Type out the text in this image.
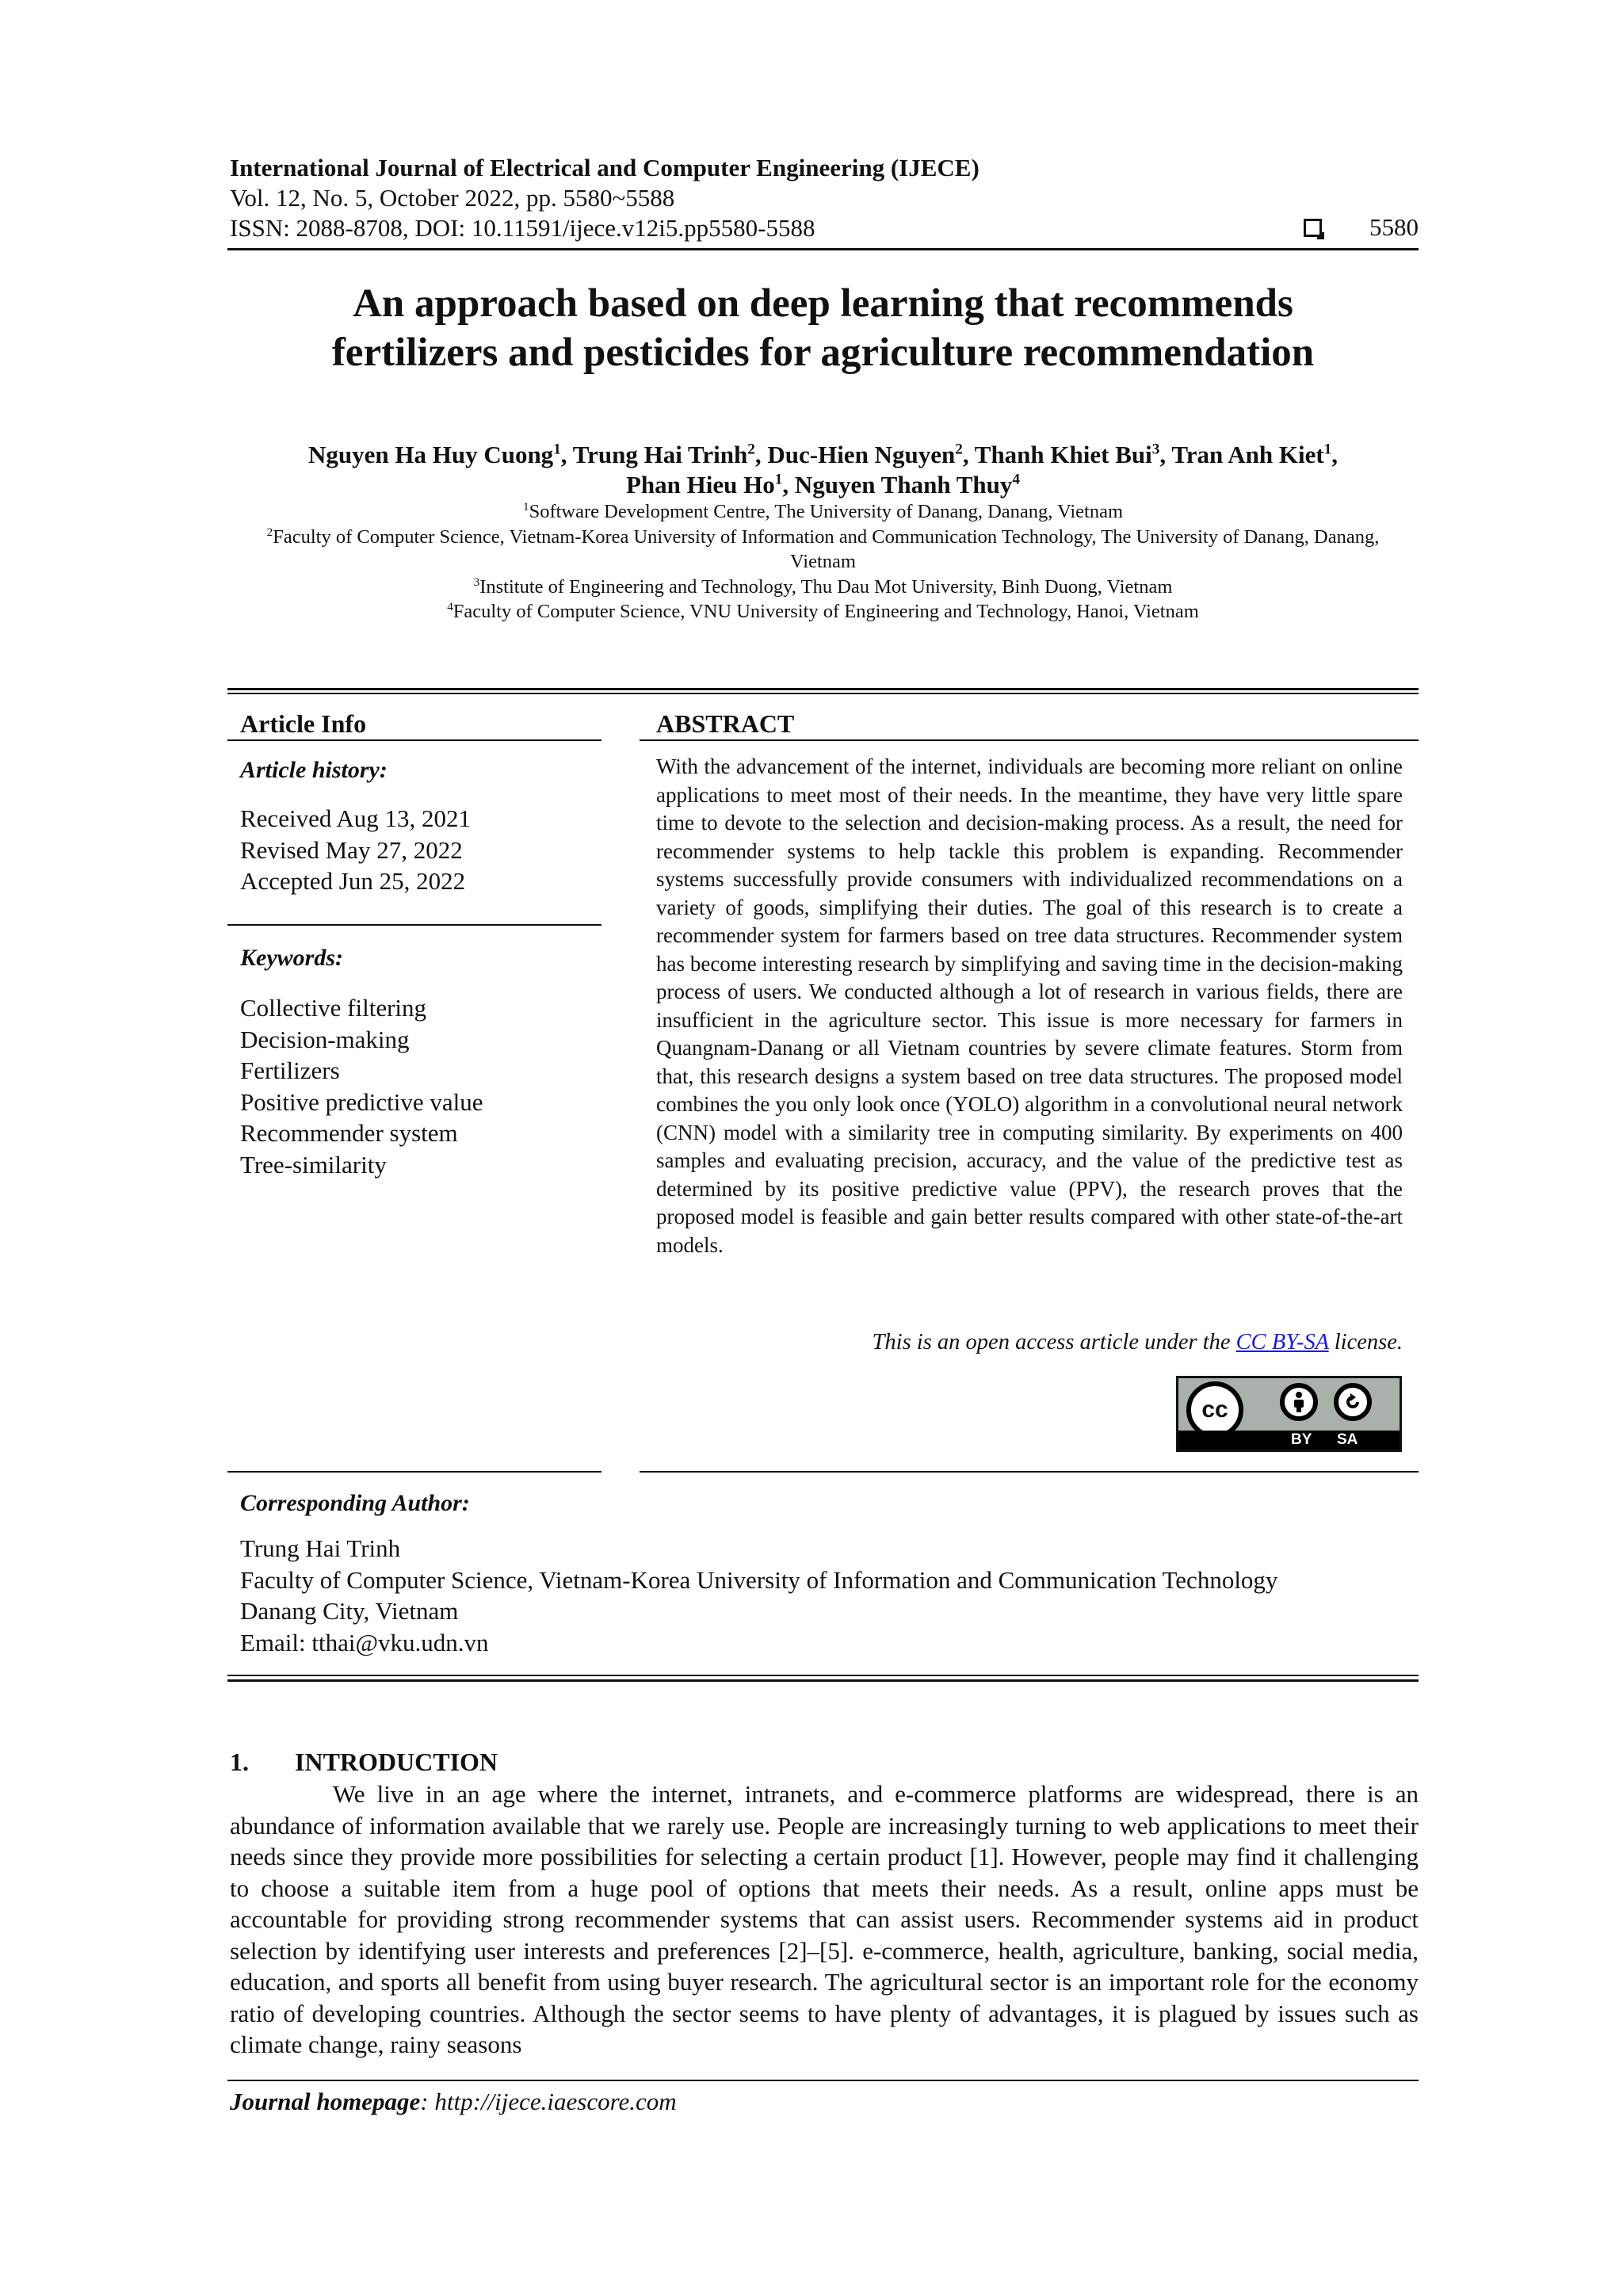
International Journal of Electrical and Computer Engineering (IJECE)
Vol. 12, No. 5, October 2022, pp. 5580~5588
ISSN: 2088-8708, DOI: 10.11591/ijece.v12i5.pp5580-5588	5580
An approach based on deep learning that recommends
fertilizers and pesticides for agriculture recommendation
Nguyen Ha Huy Cuong$^1$, Trung Hai Trinh$^2$, Duc-Hien Nguyen$^2$, Thanh Khiet Bui$^3$, Tran Anh Kiet$^1$,
Phan Hieu Ho$^1$, Nguyen Thanh Thuy$^4$
$^1$Software Development Centre, The University of Danang, Danang, Vietnam
$^2$Faculty of Computer Science, Vietnam-Korea University of Information and Communication Technology, The University of Danang, Danang, Vietnam
$^3$Institute of Engineering and Technology, Thu Dau Mot University, Binh Duong, Vietnam
$^4$Faculty of Computer Science, VNU University of Engineering and Technology, Hanoi, Vietnam
Article Info
Article history:
Received Aug 13, 2021
Revised May 27, 2022
Accepted Jun 25, 2022
Keywords:
Collective filtering
Decision-making
Fertilizers
Positive predictive value
Recommender system
Tree-similarity
ABSTRACT
With the advancement of the internet, individuals are becoming more reliant on online applications to meet most of their needs. In the meantime, they have very little spare time to devote to the selection and decision-making process. As a result, the need for recommender systems to help tackle this problem is expanding. Recommender systems successfully provide consumers with individualized recommendations on a variety of goods, simplifying their duties. The goal of this research is to create a recommender system for farmers based on tree data structures. Recommender system has become interesting research by simplifying and saving time in the decision-making process of users. We conducted although a lot of research in various fields, there are insufficient in the agriculture sector. This issue is more necessary for farmers in Quangnam-Danang or all Vietnam countries by severe climate features. Storm from that, this research designs a system based on tree data structures. The proposed model combines the you only look once (YOLO) algorithm in a convolutional neural network (CNN) model with a similarity tree in computing similarity. By experiments on 400 samples and evaluating precision, accuracy, and the value of the predictive test as determined by its positive predictive value (PPV), the research proves that the proposed model is feasible and gain better results compared with other state-of-the-art models.
This is an open access article under the CC BY-SA license.
cc
BY SA
Corresponding Author:
Trung Hai Trinh
Faculty of Computer Science, Vietnam-Korea University of Information and Communication Technology
Danang City, Vietnam
Email: tthai@vku.udn.vn
1. INTRODUCTION
We live in an age where the internet, intranets, and e-commerce platforms are widespread, there is an abundance of information available that we rarely use. People are increasingly turning to web applications to meet their needs since they provide more possibilities for selecting a certain product [1]. However, people may find it challenging to choose a suitable item from a huge pool of options that meets their needs. As a result, online apps must be accountable for providing strong recommender systems that can assist users. Recommender systems aid in product selection by identifying user interests and preferences [2]–[5]. e-commerce, health, agriculture, banking, social media, education, and sports all benefit from using buyer research. The agricultural sector is an important role for the economy ratio of developing countries. Although the sector seems to have plenty of advantages, it is plagued by issues such as climate change, rainy seasons
Journal homepage: http://ijece.iaescore.com
